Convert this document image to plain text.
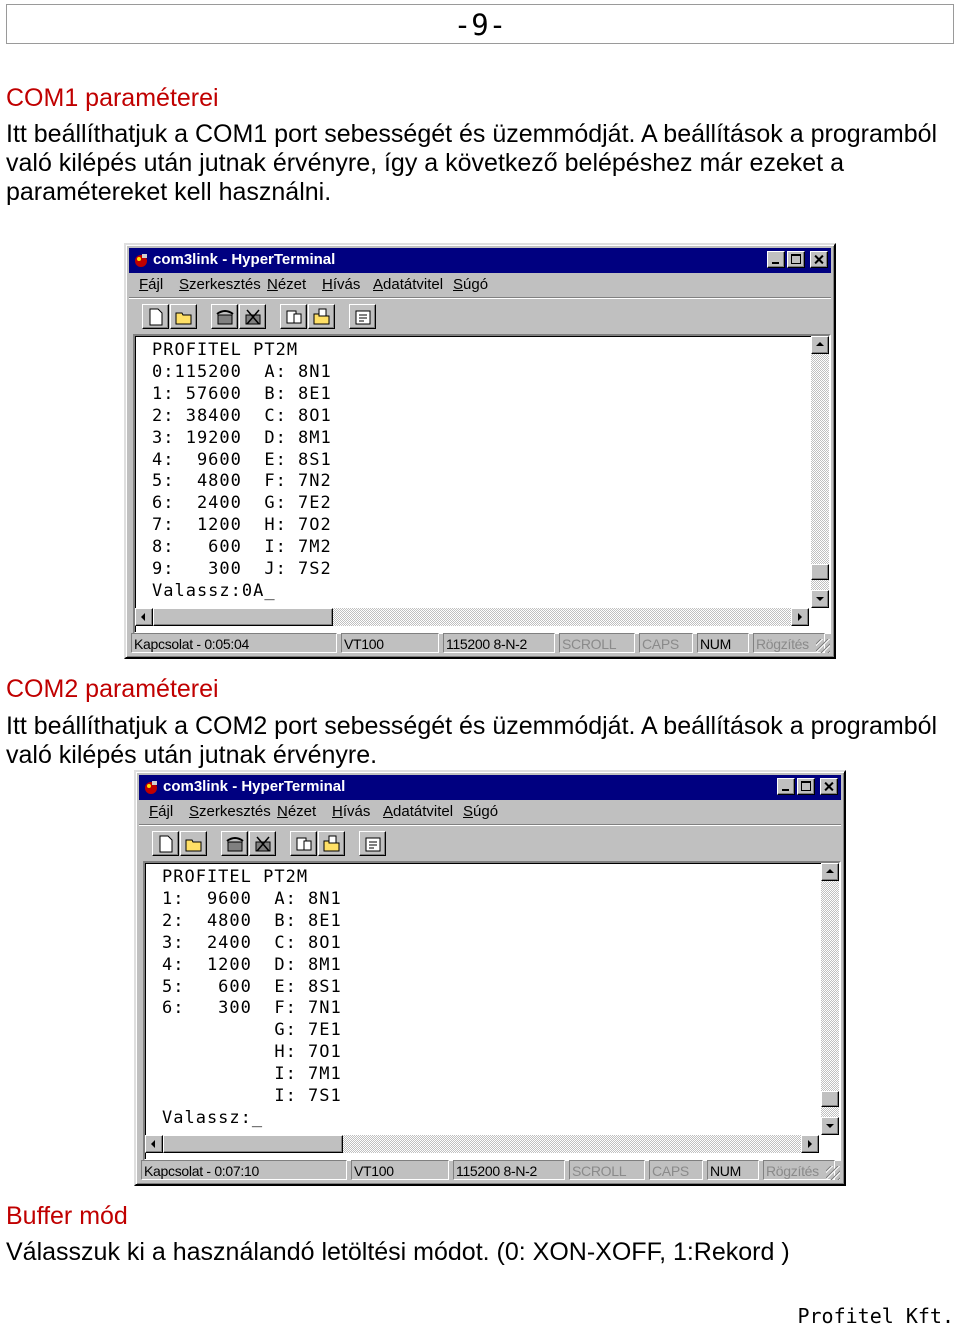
-9-
COM1 paraméterei

Itt beállíthatjuk a COM1 port sebességét és üzemmódját. A beállítások a programból való kilépés után jutnak érvényre, így a következő belépéshez már ezeket a paramétereket kell használni.

com3link - HyperTerminal
Fájl Szerkesztés Nézet Hívás Adatátvitel Súgó
PROFITEL PT2M
0:115200  A: 8N1
1: 57600  B: 8E1
2: 38400  C: 8O1
3: 19200  D: 8M1
4:  9600  E: 8S1
5:  4800  F: 7N2
6:  2400  G: 7E2
7:  1200  H: 7O2
8:   600  I: 7M2
9:   300  J: 7S2
Valassz:0A_
Kapcsolat - 0:05:04	VT100	115200 8-N-2	SCROLL	CAPS	NUM	Rögzítés
COM2 paraméterei

Itt beállíthatjuk a COM2 port sebességét és üzemmódját. A beállítások a programból való kilépés után jutnak érvényre.

com3link - HyperTerminal
Fájl Szerkesztés Nézet Hívás Adatátvitel Súgó
PROFITEL PT2M
1:  9600  A: 8N1
2:  4800  B: 8E1
3:  2400  C: 8O1
4:  1200  D: 8M1
5:   600  E: 8S1
6:   300  F: 7N1
G: 7E1
H: 7O1
I: 7M1
I: 7S1
Valassz:_
Kapcsolat - 0:07:10	VT100	115200 8-N-2	SCROLL	CAPS	NUM	Rögzítés
Buffer mód

Válasszuk ki a használandó letöltési módot. (0: XON-XOFF, 1:Rekord )

Profitel Kft.
